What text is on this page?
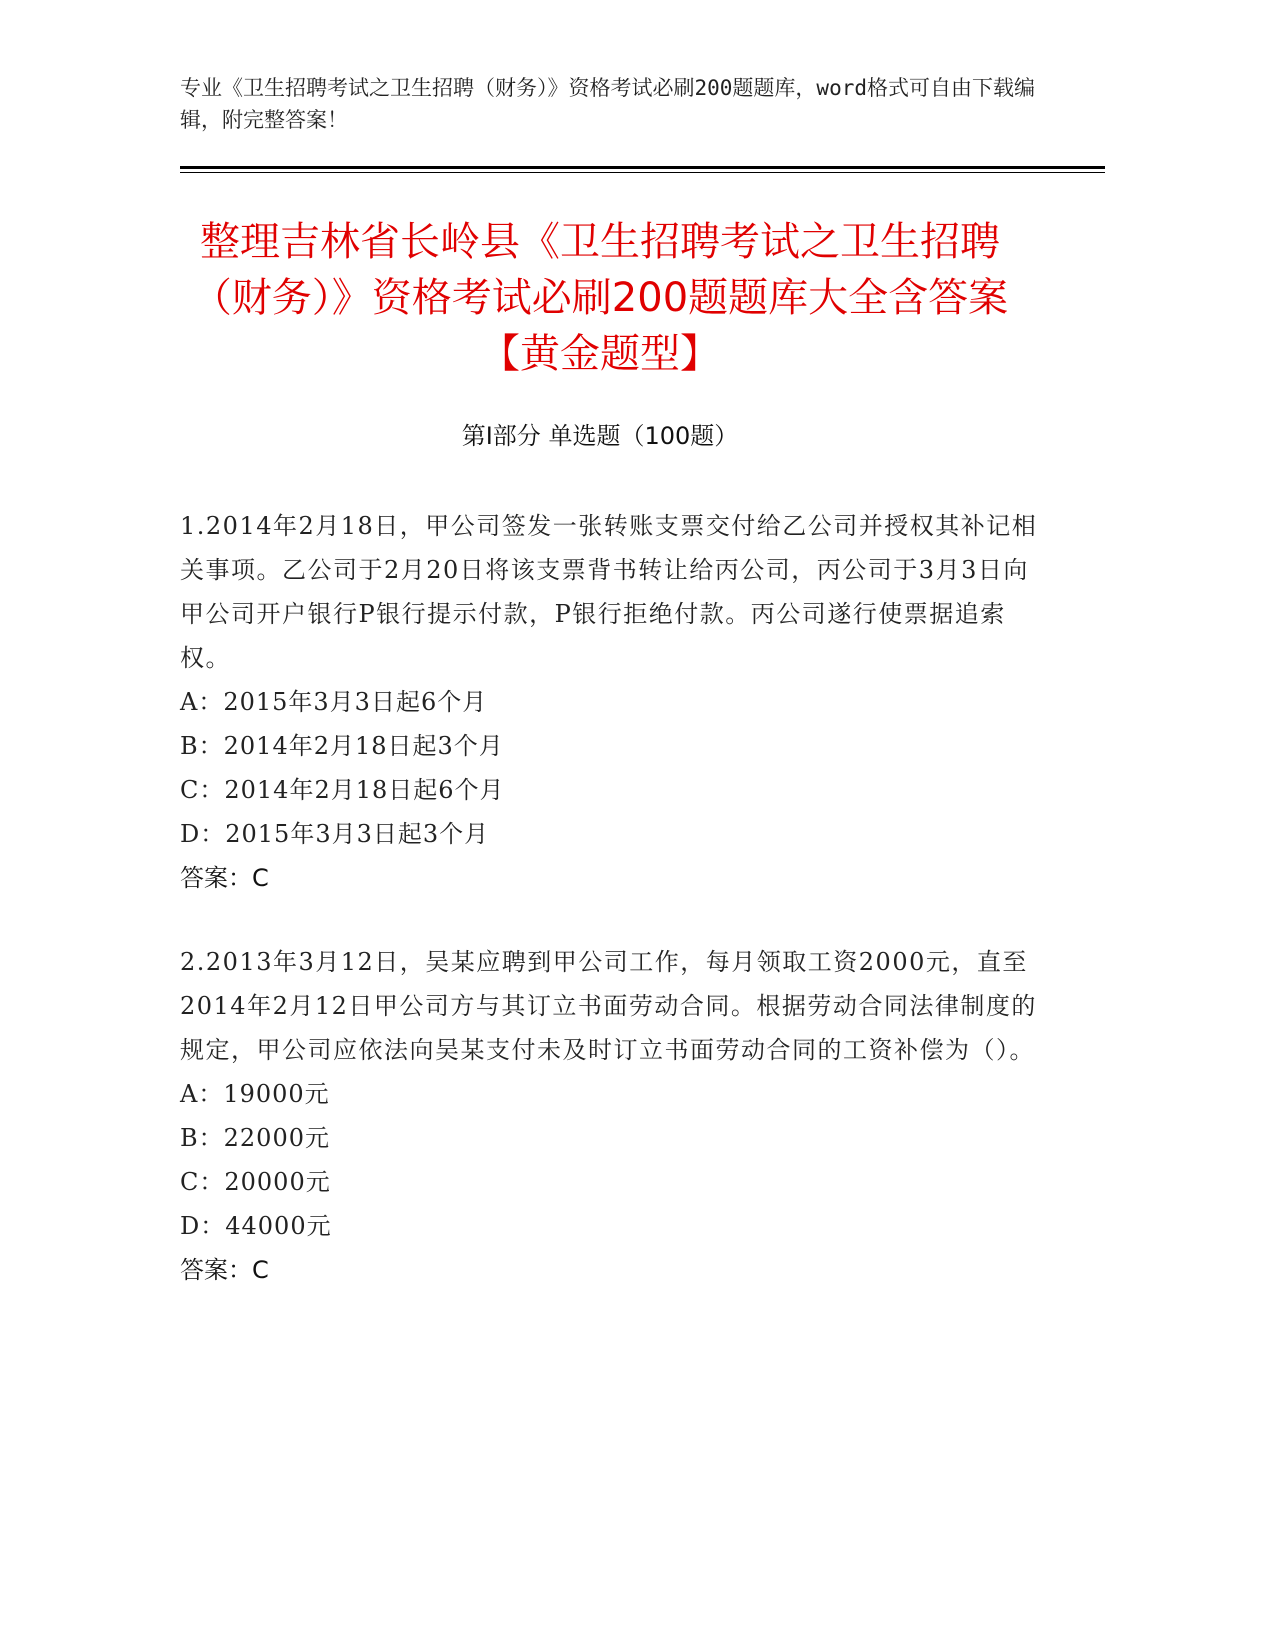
专业《卫生招聘考试之卫生招聘（财务）》资格考试必刷200题题库，word格式可自由下载编辑，附完整答案！

整理吉林省长岭县《卫生招聘考试之卫生招聘（财务）》资格考试必刷200题题库大全含答案【黄金题型】
第I部分 单选题（100题）

1.2014年2月18日，甲公司签发一张转账支票交付给乙公司并授权其补记相关事项。乙公司于2月20日将该支票背书转让给丙公司，丙公司于3月3日向甲公司开户银行P银行提示付款，P银行拒绝付款。丙公司遂行使票据追索权。

A：2015年3月3日起6个月

B：2014年2月18日起3个月

C：2014年2月18日起6个月

D：2015年3月3日起3个月

答案：C

2.2013年3月12日，吴某应聘到甲公司工作，每月领取工资2000元，直至2014年2月12日甲公司方与其订立书面劳动合同。根据劳动合同法律制度的规定，甲公司应依法向吴某支付未及时订立书面劳动合同的工资补偿为（）。

A：19000元

B：22000元

C：20000元

D：44000元

答案：C
